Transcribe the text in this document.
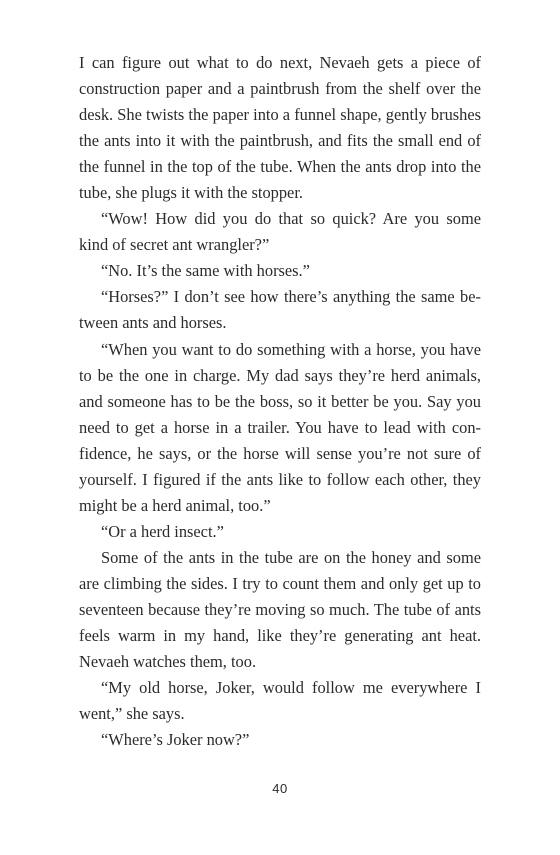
I can figure out what to do next, Nevaeh gets a piece of construction paper and a paintbrush from the shelf over the desk. She twists the paper into a funnel shape, gently brushes the ants into it with the paintbrush, and fits the small end of the funnel in the top of the tube. When the ants drop into the tube, she plugs it with the stopper.

“Wow! How did you do that so quick? Are you some kind of secret ant wrangler?”

“No. It’s the same with horses.”

“Horses?” I don’t see how there’s anything the same between ants and horses.

“When you want to do something with a horse, you have to be the one in charge. My dad says they’re herd animals, and someone has to be the boss, so it better be you. Say you need to get a horse in a trailer. You have to lead with confidence, he says, or the horse will sense you’re not sure of yourself. I figured if the ants like to follow each other, they might be a herd animal, too.”

“Or a herd insect.”

Some of the ants in the tube are on the honey and some are climbing the sides. I try to count them and only get up to seventeen because they’re moving so much. The tube of ants feels warm in my hand, like they’re generating ant heat. Nevaeh watches them, too.

“My old horse, Joker, would follow me everywhere I went,” she says.

“Where’s Joker now?”

40
